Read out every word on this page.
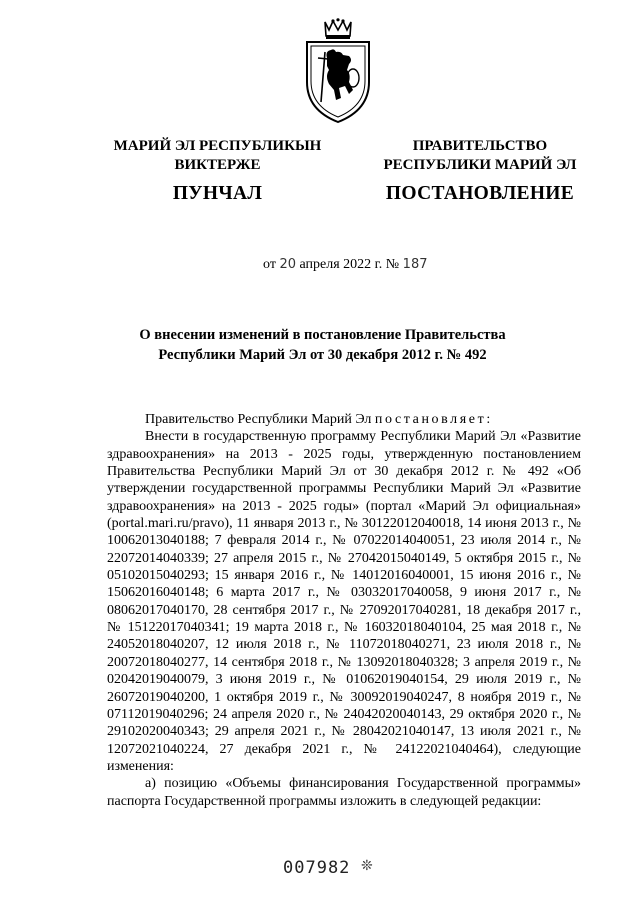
МАРИЙ ЭЛ РЕСПУБЛИКЫН
ВИКТЕРЖЕ
ПУНЧАЛ
ПРАВИТЕЛЬСТВО
РЕСПУБЛИКИ МАРИЙ ЭЛ
ПОСТАНОВЛЕНИЕ
от 20 апреля 2022 г. № 187
О внесении изменений в постановление Правительства
Республики Марий Эл от 30 декабря 2012 г. № 492

Правительство Республики Марий Эл постановляет:

Внести в государственную программу Республики Марий Эл «Развитие здравоохранения» на 2013 - 2025 годы, утвержденную постановлением Правительства Республики Марий Эл от 30 декабря 2012 г. № 492 «Об утверждении государственной программы Республики Марий Эл «Развитие здравоохранения» на 2013 - 2025 годы» (портал «Марий Эл официальная» (portal.mari.ru/pravo), 11 января 2013 г., № 30122012040018, 14 июня 2013 г., № 10062013040188; 7 февраля 2014 г., № 07022014040051, 23 июля 2014 г., № 22072014040339; 27 апреля 2015 г., № 27042015040149, 5 октября 2015 г., № 05102015040293; 15 января 2016 г., № 14012016040001, 15 июня 2016 г., № 15062016040148; 6 марта 2017 г., № 03032017040058, 9 июня 2017 г., № 08062017040170, 28 сентября 2017 г., № 27092017040281, 18 декабря 2017 г., № 15122017040341; 19 марта 2018 г., № 16032018040104, 25 мая 2018 г., № 24052018040207, 12 июля 2018 г., № 11072018040271, 23 июля 2018 г., № 20072018040277, 14 сентября 2018 г., № 13092018040328; 3 апреля 2019 г., № 02042019040079, 3 июня 2019 г., № 01062019040154, 29 июля 2019 г., № 26072019040200, 1 октября 2019 г., № 30092019040247, 8 ноября 2019 г., № 07112019040296; 24 апреля 2020 г., № 24042020040143, 29 октября 2020 г., № 29102020040343; 29 апреля 2021 г., № 28042021040147, 13 июля 2021 г., № 12072021040224, 27 декабря 2021 г., № 24122021040464), следующие изменения:

а) позицию «Объемы финансирования Государственной программы» паспорта Государственной программы изложить в следующей редакции:

007982 ❊
